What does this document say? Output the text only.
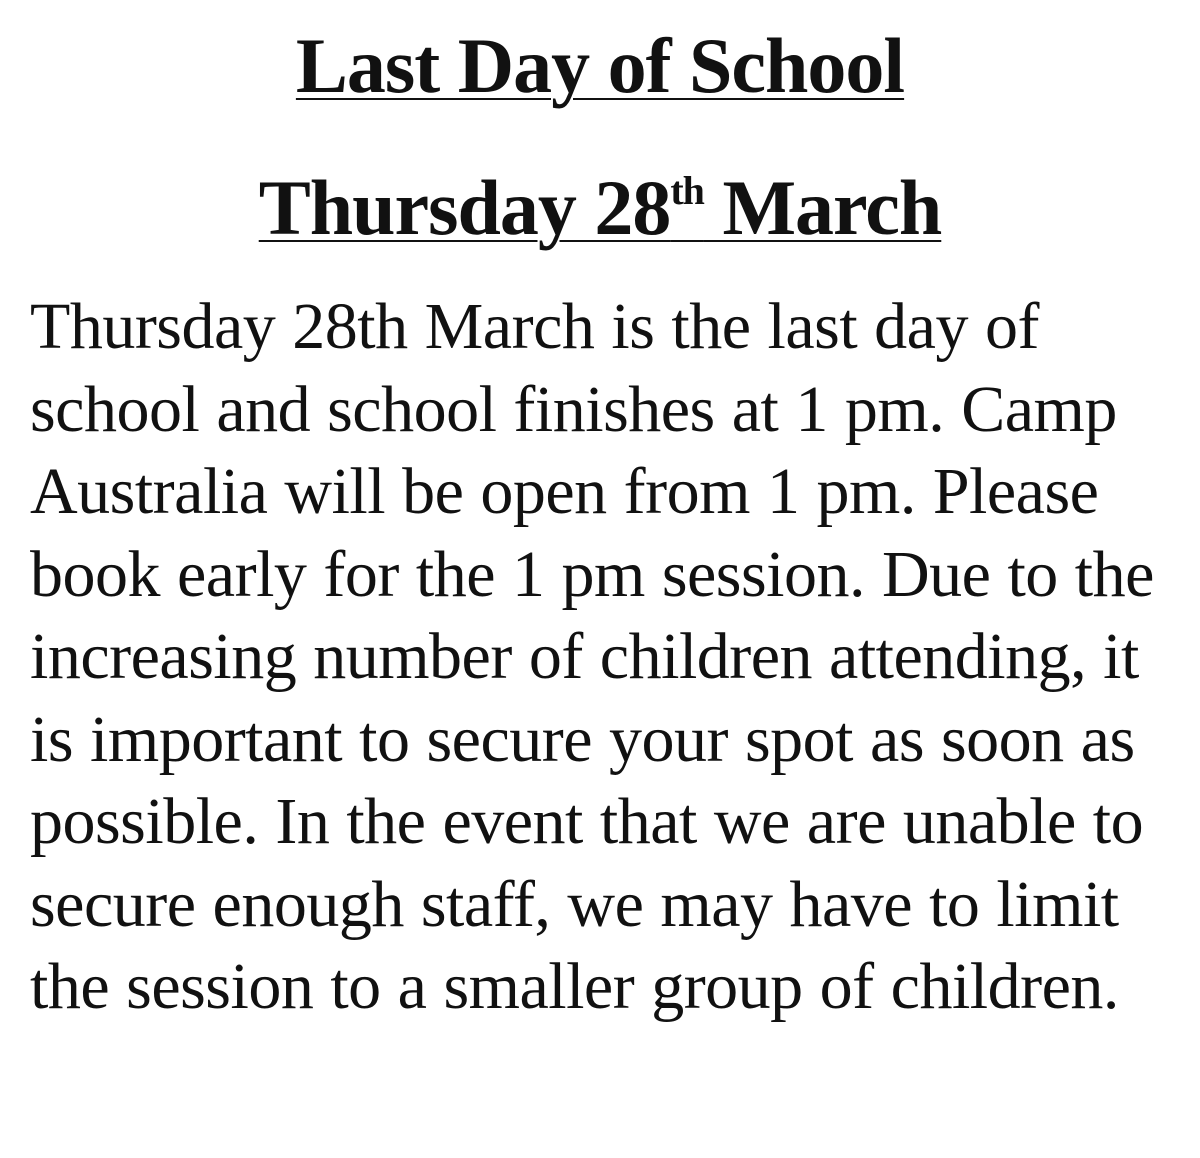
Last Day of School
Thursday 28th March

Thursday 28th March is the last day of school and school finishes at 1 pm. Camp Australia will be open from 1 pm. Please book early for the 1 pm session. Due to the increasing number of children attending, it is important to secure your spot as soon as possible. In the event that we are unable to secure enough staff, we may have to limit the session to a smaller group of children.
